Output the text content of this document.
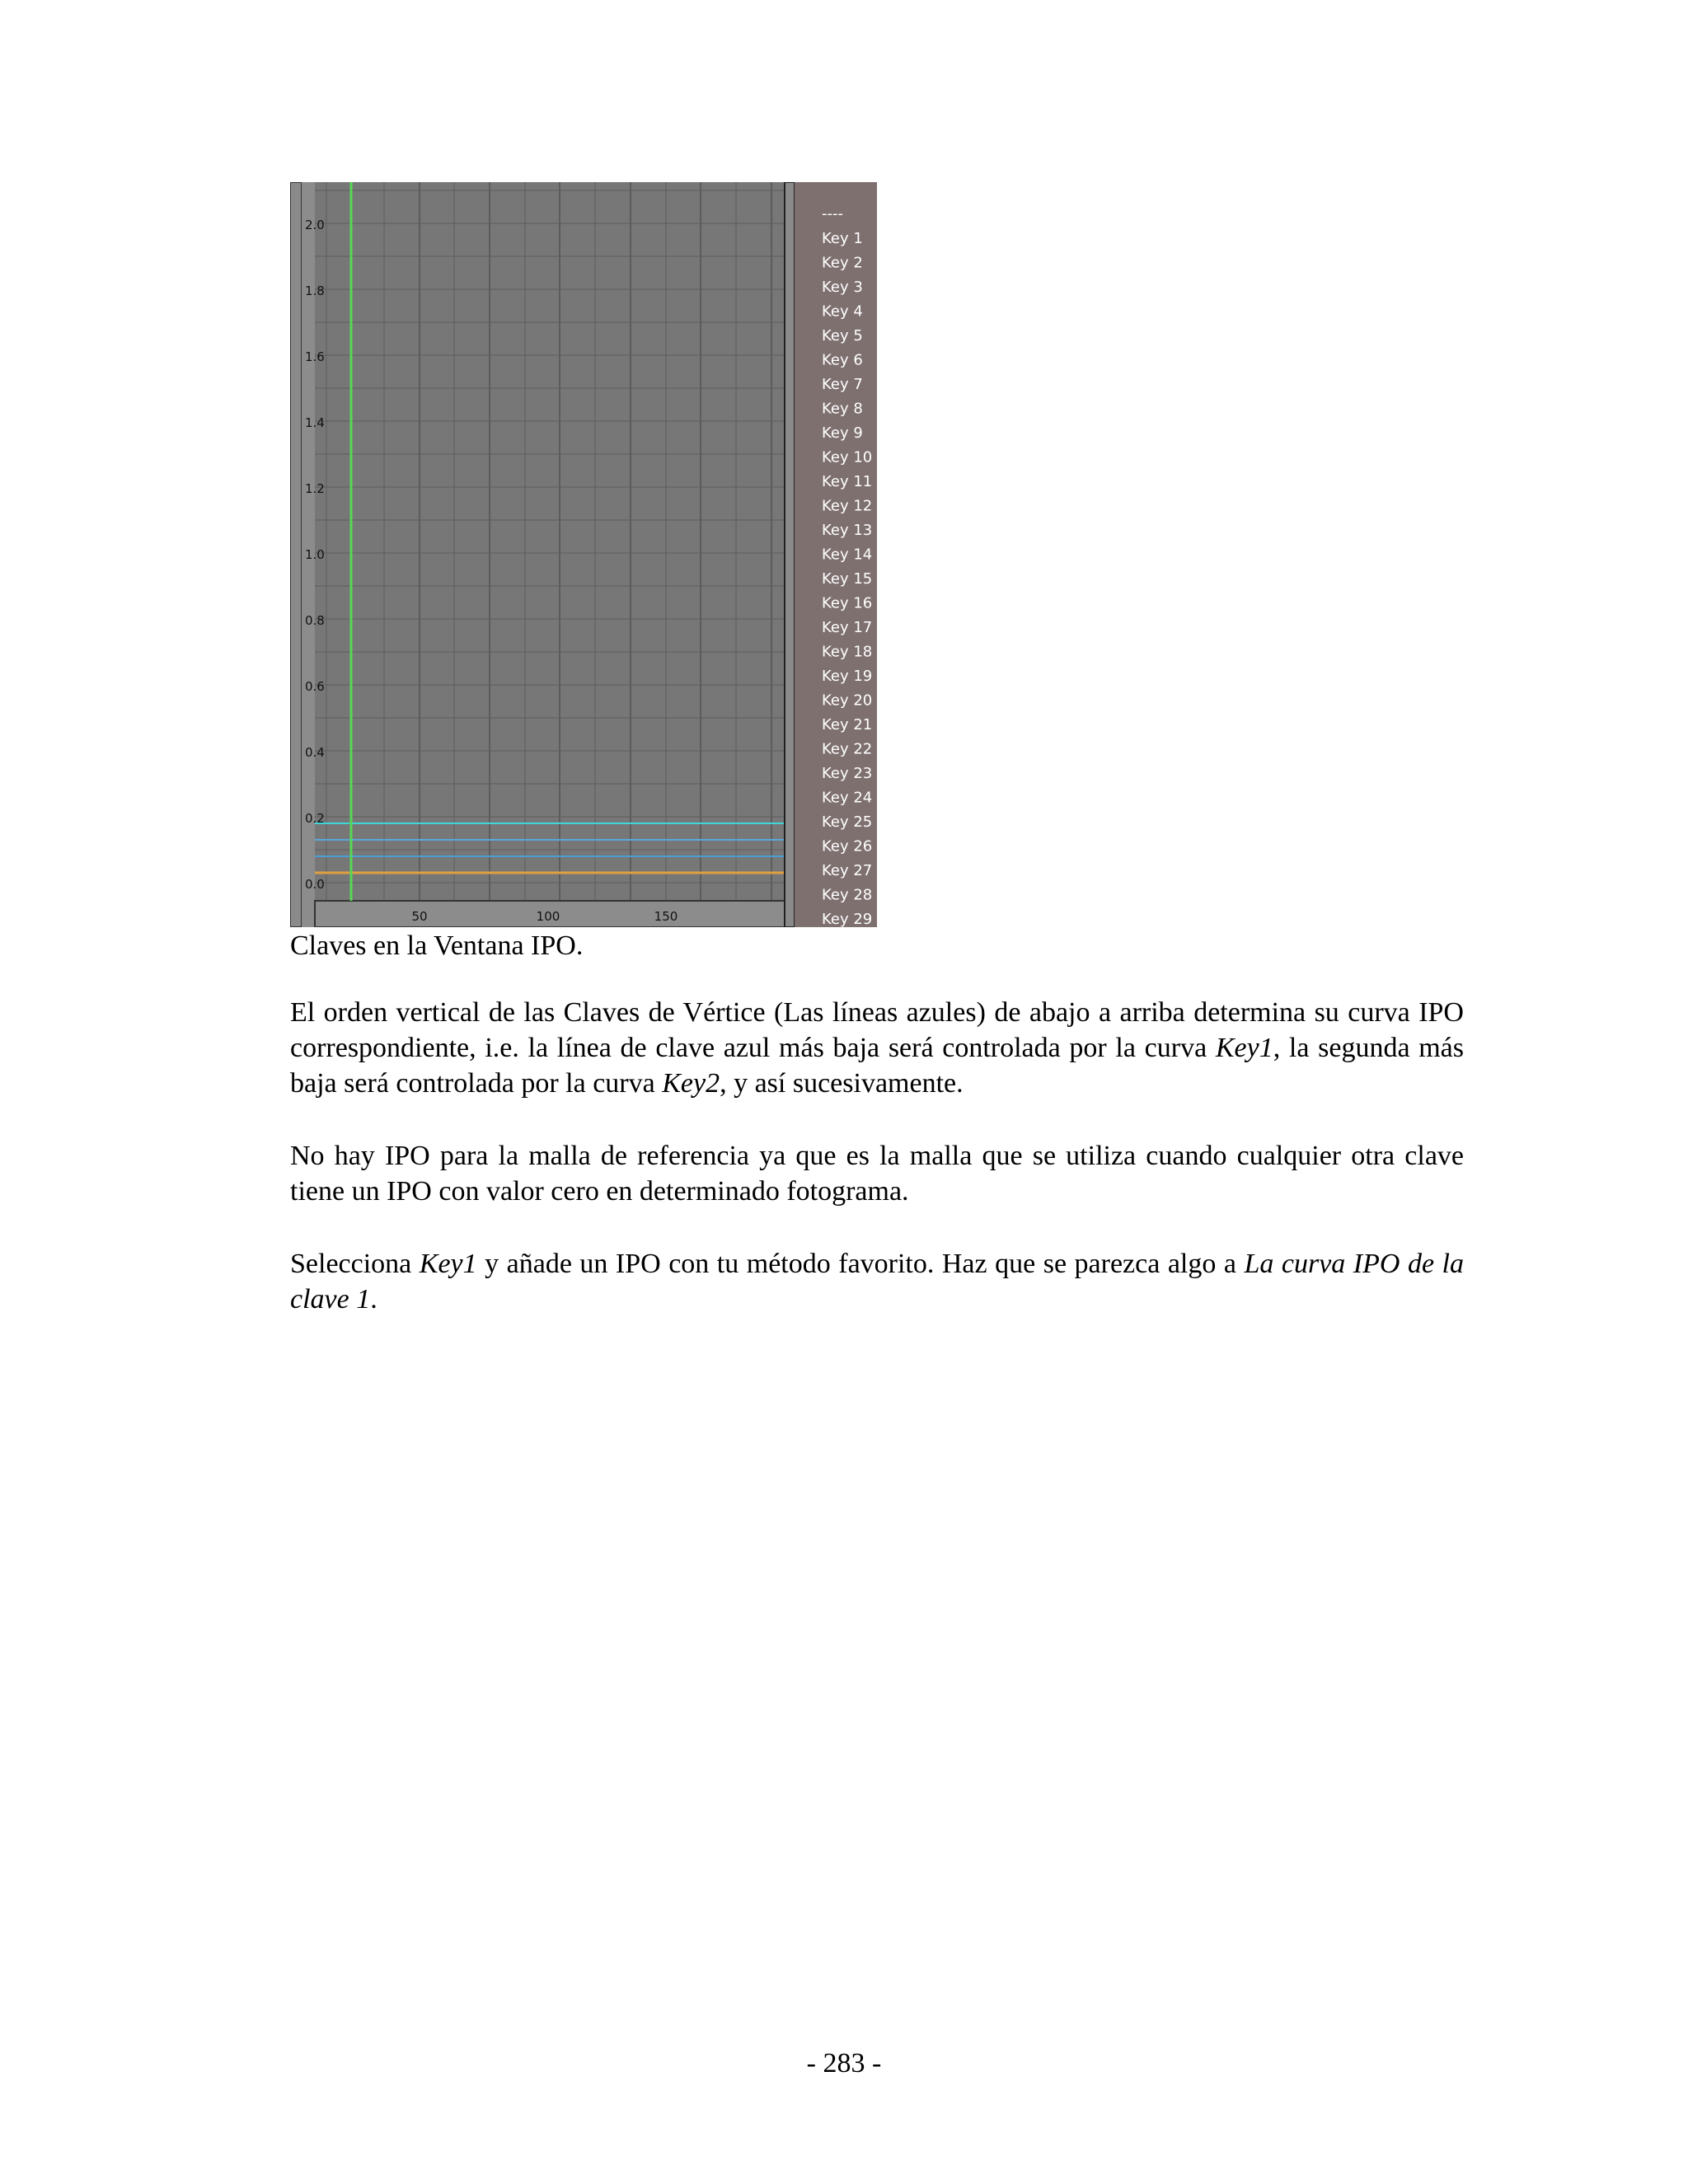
50	100	150
0.0
0.2
0.4
0.6
0.8
1.0
1.2
1.4
1.6
1.8
2.0
----
Key 1
Key 2
Key 3
Key 4
Key 5
Key 6
Key 7
Key 8
Key 9
Key 10
Key 11
Key 12
Key 13
Key 14
Key 15
Key 16
Key 17
Key 18
Key 19
Key 20
Key 21
Key 22
Key 23
Key 24
Key 25
Key 26
Key 27
Key 28
Key 29

Claves en la Ventana IPO.

El orden vertical de las Claves de Vértice (Las líneas azules) de abajo a arriba determina su curva IPO correspondiente, i.e. la línea de clave azul más baja será controlada por la curva Key1, la segunda más baja será controlada por la curva Key2, y así sucesivamente.

No hay IPO para la malla de referencia ya que es la malla que se utiliza cuando cualquier otra clave tiene un IPO con valor cero en determinado fotograma.

Selecciona Key1 y añade un IPO con tu método favorito. Haz que se parezca algo a La curva IPO de la clave 1.

- 283 -
